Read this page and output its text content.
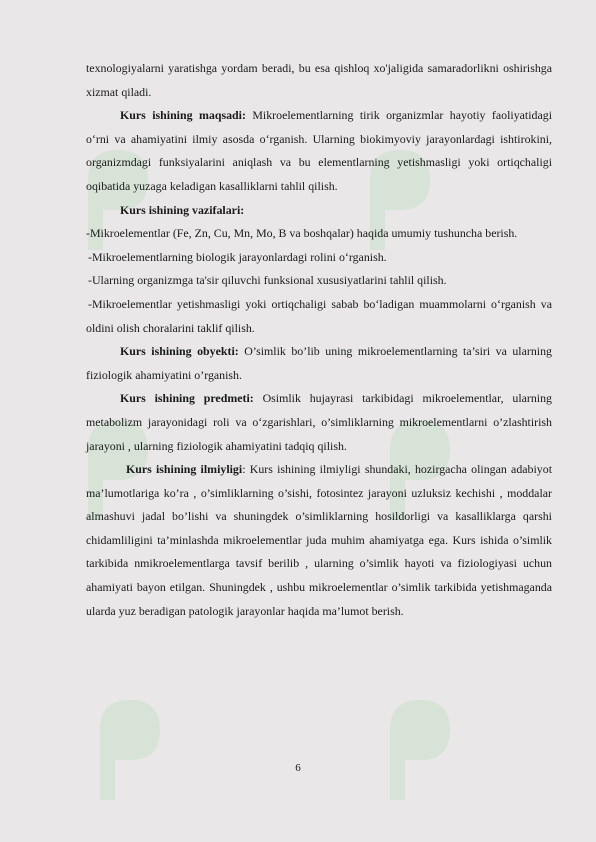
texnologiyalarni yaratishga yordam beradi, bu esa qishloq xo'jaligida samaradorlikni oshirishga xizmat qiladi.

Kurs ishining maqsadi: Mikroelementlarning tirik organizmlar hayotiy faoliyatidagi o‘rni va ahamiyatini ilmiy asosda o‘rganish. Ularning biokimyoviy jarayonlardagi ishtirokini, organizmdagi funksiyalarini aniqlash va bu elementlarning yetishmasligi yoki ortiqchaligi oqibatida yuzaga keladigan kasalliklarni tahlil qilish.

Kurs ishining vazifalari:

-Mikroelementlar (Fe, Zn, Cu, Mn, Mo, B va boshqalar) haqida umumiy tushuncha berish.

-Mikroelementlarning biologik jarayonlardagi rolini o‘rganish.

-Ularning organizmga ta'sir qiluvchi funksional xususiyatlarini tahlil qilish.

-Mikroelementlar yetishmasligi yoki ortiqchaligi sabab bo‘ladigan muammolarni o‘rganish va oldini olish choralarini taklif qilish.

Kurs ishining obyekti: O’simlik bo’lib uning mikroelementlarning ta’siri va ularning fiziologik ahamiyatini o’rganish.

Kurs ishining predmeti: Osimlik hujayrasi tarkibidagi mikroelementlar, ularning metabolizm jarayonidagi roli va o‘zgarishlari, o’simliklarning mikroelementlarni o’zlashtirish jarayoni , ularning fiziologik ahamiyatini tadqiq qilish.

Kurs ishining ilmiyligi: Kurs ishining ilmiyligi shundaki, hozirgacha olingan adabiyot ma’lumotlariga ko’ra , o’simliklarning o’sishi, fotosintez jarayoni uzluksiz kechishi , moddalar almashuvi jadal bo’lishi va shuningdek o’simliklarning hosildorligi va kasalliklarga qarshi chidamliligini ta’minlashda mikroelementlar juda muhim ahamiyatga ega. Kurs ishida o’simlik tarkibida nmikroelementlarga tavsif berilib , ularning o’simlik hayoti va fiziologiyasi uchun ahamiyati bayon etilgan. Shuningdek , ushbu mikroelementlar o’simlik tarkibida yetishmaganda ularda yuz beradigan patologik jarayonlar haqida ma’lumot berish.

6
